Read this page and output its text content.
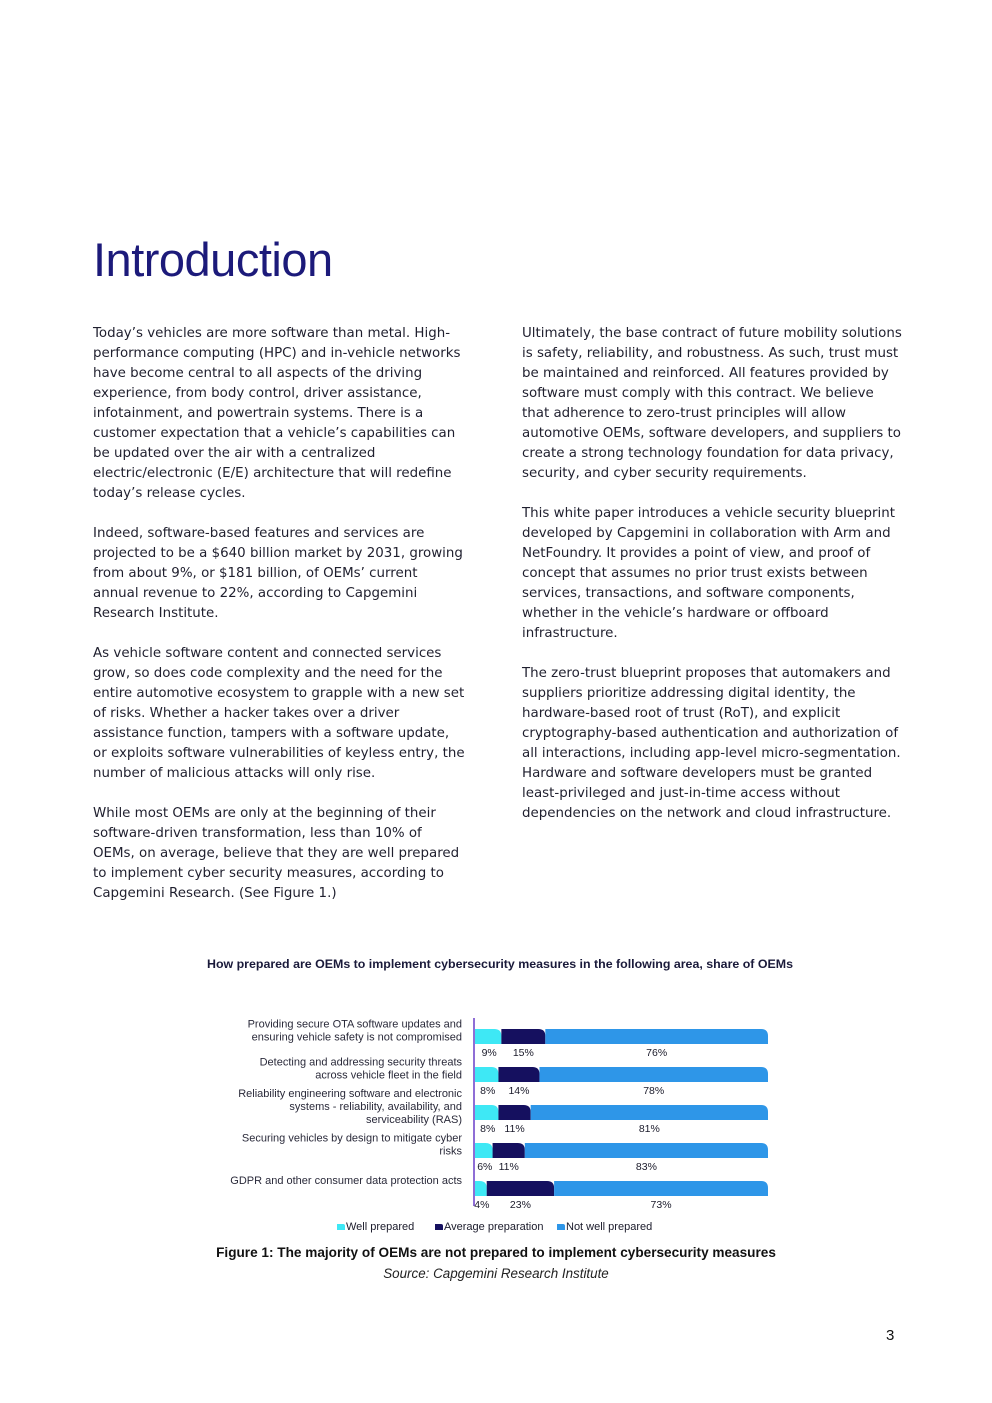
Introduction

Today’s vehicles are more software than metal. High-performance computing (HPC) and in-vehicle networks have become central to all aspects of the driving experience, from body control, driver assistance, infotainment, and powertrain systems. There is a customer expectation that a vehicle’s capabilities can be updated over the air with a centralized electric/electronic (E/E) architecture that will redefine today’s release cycles.

Indeed, software-based features and services are projected to be a $640 billion market by 2031, growing from about 9%, or $181 billion, of OEMs’ current annual revenue to 22%, according to Capgemini Research Institute.

As vehicle software content and connected services grow, so does code complexity and the need for the entire automotive ecosystem to grapple with a new set of risks. Whether a hacker takes over a driver assistance function, tampers with a software update, or exploits software vulnerabilities of keyless entry, the number of malicious attacks will only rise.

While most OEMs are only at the beginning of their software-driven transformation, less than 10% of OEMs, on average, believe that they are well prepared to implement cyber security measures, according to Capgemini Research. (See Figure 1.)

Ultimately, the base contract of future mobility solutions is safety, reliability, and robustness. As such, trust must be maintained and reinforced. All features provided by software must comply with this contract. We believe that adherence to zero-trust principles will allow automotive OEMs, software developers, and suppliers to create a strong technology foundation for data privacy, security, and cyber security requirements.

This white paper introduces a vehicle security blueprint developed by Capgemini in collaboration with Arm and NetFoundry. It provides a point of view, and proof of concept that assumes no prior trust exists between services, transactions, and software components, whether in the vehicle’s hardware or offboard infrastructure.

The zero-trust blueprint proposes that automakers and suppliers prioritize addressing digital identity, the hardware-based root of trust (RoT), and explicit cryptography-based authentication and authorization of all interactions, including app-level micro-segmentation. Hardware and software developers must be granted least-privileged and just-in-time access without dependencies on the network and cloud infrastructure.

How prepared are OEMs to implement cybersecurity measures in the following area, share of OEMs
Providing secure OTA software updates and
ensuring vehicle safety is not compromised
9% 15%	76%
Detecting and addressing security threats
across vehicle fleet in the field
8% 14%	78%
Reliability engineering software and electronic
systems - reliability, availability, and
serviceability (RAS)
8% 11%	81%
Securing vehicles by design to mitigate cyber
risks
6% 11%	83%
GDPR and other consumer data protection acts
4% 23%	73%
Well prepared	Average preparation Not well prepared
Figure 1: The majority of OEMs are not prepared to implement cybersecurity measures
Source: Capgemini Research Institute
3
